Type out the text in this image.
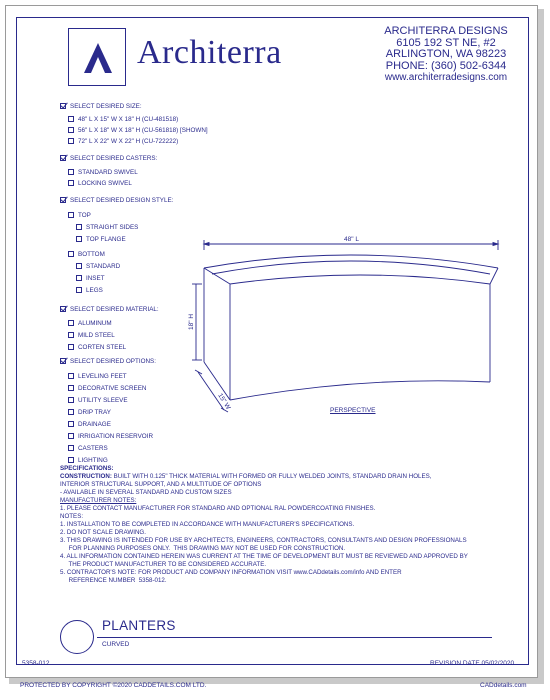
Architerra
ARCHITERRA DESIGNS
6105 192 ST NE, #2
ARLINGTON, WA 98223
PHONE: (360) 502-6344
www.architerradesigns.com
SELECT DESIRED SIZE:
48" L X 15" W X 18" H (CU-481518)
56" L X 18" W X 18" H (CU-561818) [SHOWN]
72" L X 22" W X 22" H (CU-722222)
SELECT DESIRED CASTERS:
STANDARD SWIVEL
LOCKING SWIVEL
SELECT DESIRED DESIGN STYLE:
TOP
STRAIGHT SIDES
TOP FLANGE
BOTTOM
STANDARD
INSET
LEGS
SELECT DESIRED MATERIAL:
ALUMINUM
MILD STEEL
CORTEN STEEL
SELECT DESIRED OPTIONS:
LEVELING FEET
DECORATIVE SCREEN
UTILITY SLEEVE
DRIP TRAY
DRAINAGE
IRRIGATION RESERVOIR
CASTERS
LIGHTING
48" L
18" H
15" W	PERSPECTIVE
SPECIFICATIONS:
CONSTRUCTION: BUILT WITH 0.125" THICK MATERIAL WITH FORMED OR FULLY WELDED JOINTS, STANDARD DRAIN HOLES,
INTERIOR STRUCTURAL SUPPORT, AND A MULTITUDE OF OPTIONS
- AVAILABLE IN SEVERAL STANDARD AND CUSTOM SIZES
MANUFACTURER NOTES:
1. PLEASE CONTACT MANUFACTURER FOR STANDARD AND OPTIONAL RAL POWDERCOATING FINISHES.
NOTES:
1. INSTALLATION TO BE COMPLETED IN ACCORDANCE WITH MANUFACTURER'S SPECIFICATIONS.
2. DO NOT SCALE DRAWING.
3. THIS DRAWING IS INTENDED FOR USE BY ARCHITECTS, ENGINEERS, CONTRACTORS, CONSULTANTS AND DESIGN PROFESSIONALS
FOR PLANNING PURPOSES ONLY.  THIS DRAWING MAY NOT BE USED FOR CONSTRUCTION.
4. ALL INFORMATION CONTAINED HEREIN WAS CURRENT AT THE TIME OF DEVELOPMENT BUT MUST BE REVIEWED AND APPROVED BY
THE PRODUCT MANUFACTURER TO BE CONSIDERED ACCURATE.
5. CONTRACTOR'S NOTE: FOR PRODUCT AND COMPANY INFORMATION VISIT www.CADdetails.com/info AND ENTER
REFERENCE NUMBER  5358-012.
PLANTERS
CURVED
5358-012	REVISION DATE 05/02/2020
PROTECTED BY COPYRIGHT ©2020 CADDETAILS.COM LTD.	CADdetails.com
